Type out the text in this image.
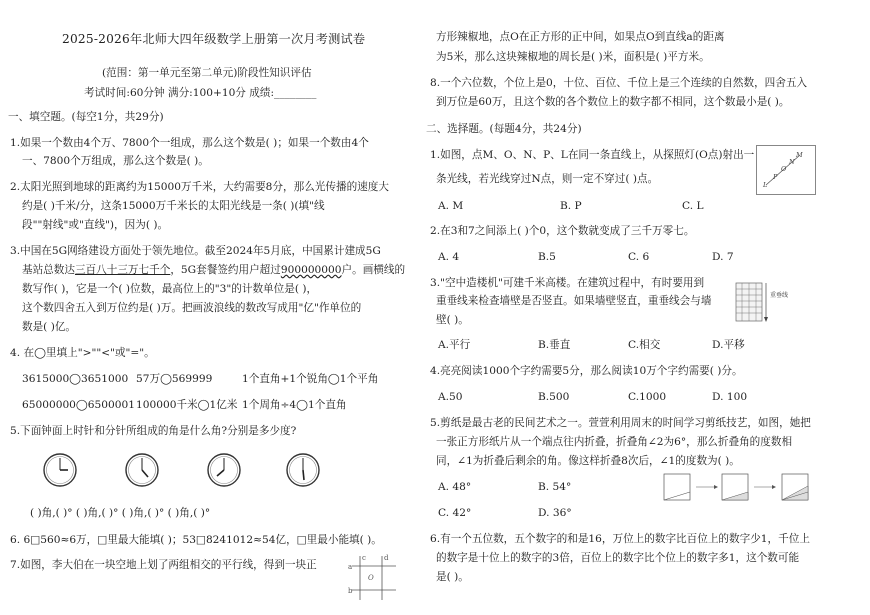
2025-2026年北师大四年级数学上册第一次月考测试卷
(范围：第一单元至第二单元)阶段性知识评估
考试时间:60分钟 满分:100+10分 成绩:________
一、填空题。(每空1分，共29分)
1.如果一个数由4个万、7800个一组成，那么这个数是( )；如果一个数由4个
一、7800个万组成，那么这个数是( )。
2.太阳光照到地球的距离约为15000万千米，大约需要8分，那么光传播的速度大
约是( )千米/分，这条15000万千米长的太阳光线是一条( )(填"线
段""射线"或"直线")，因为( )。
3.中国在5G网络建设方面处于领先地位。截至2024年5月底，中国累计建成5G
基站总数达三百八十三万七千个，5G套餐签约用户超过900000000户。画横线的
数写作( )，它是一个( )位数，最高位上的"3"的计数单位是( )，
这个数四舍五入到万位约是( )万。把画波浪线的数改写成用"亿"作单位的
数是( )亿。
4. 在◯里填上">""<"或"="。
3615000◯3651000 57万◯569999	1个直角+1个锐角◯1个平角
65000000◯6500001 100000千米◯1亿米 1个周角÷4◯1个直角
5.下面钟面上时针和分针所组成的角是什么角?分别是多少度?
( )角,( )° ( )角,( )° ( )角,( )° ( )角,( )°
6. 6□560≈6万，□里最大能填( )；53□8241012≈54亿，□里最小能填( )。
7.如图，李大伯在一块空地上划了两组相交的平行线，得到一块正	a
c	d
O
b
方形辣椒地，点O在正方形的正中间，如果点O到直线a的距离
为5米，那么这块辣椒地的周长是( )米，面积是( )平方米。
8.一个六位数，个位上是0，十位、百位、千位上是三个连续的自然数，四舍五入
到万位是60万，且这个数的各个数位上的数字都不相同，这个数最小是( )。
二、选择题。(每题4分，共24分)
1.如图，点M、O、N、P、L在同一条直线上，从探照灯(O点)射出一
条光线，若光线穿过N点，则一定不穿过( )点。
M
N
O
L
P
A. M	B. P	C. L
2.在3和7之间添上( )个0，这个数就变成了三千万零七。
A. 4	B.5	C. 6	D. 7
3."空中造楼机"可建千米高楼。在建筑过程中，有时要用到
重垂线来检查墙壁是否竖直。如果墙壁竖直，重垂线会与墙
壁( )。
重垂线
A.平行	B.垂直	C.相交	D.平移
4.亮亮阅读1000个字约需要5分，那么阅读10万个字约需要( )分。
A.50	B.500	C.1000	D. 100
5.剪纸是最古老的民间艺术之一。萱萱利用周末的时间学习剪纸技艺，如图，她把
一张正方形纸片从一个端点往内折叠，折叠角∠2为6°，那么折叠角的度数相
同，∠1为折叠后剩余的角。像这样折叠8次后，∠1的度数为( )。
A. 48°	B. 54°
C. 42°	D. 36°
6.有一个五位数，五个数字的和是16，万位上的数字比百位上的数字少1，千位上
的数字是十位上的数字的3倍，百位上的数字比个位上的数字多1，这个数可能
是( )。
